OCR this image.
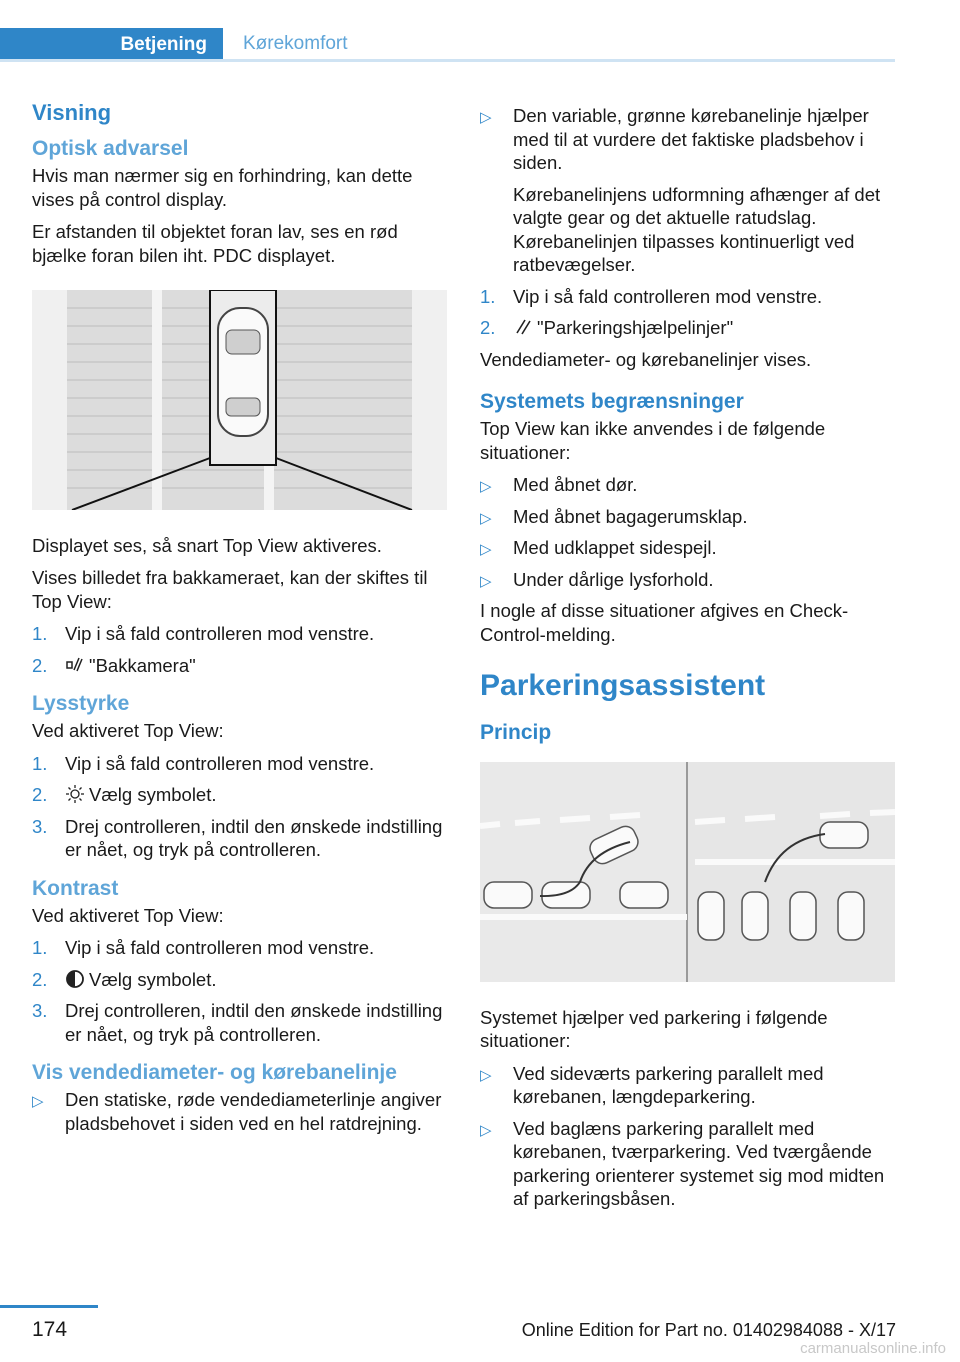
Betjening	Kørekomfort
Visning
Optisk advarsel

Hvis man nærmer sig en forhindring, kan dette vises på control display.

Er afstanden til objektet foran lav, ses en rød bjælke foran bilen iht. PDC displayet.

Displayet ses, så snart Top View aktiveres.

Vises billedet fra bakkameraet, kan der skiftes til Top View:

1. Vip i så fald controlleren mod venstre.
2. "Bakkamera"
Lysstyrke

Ved aktiveret Top View:

1. Vip i så fald controlleren mod venstre.
2. Vælg symbolet.
3. Drej controlleren, indtil den ønskede indstilling er nået, og tryk på controlleren.
Kontrast

Ved aktiveret Top View:

1. Vip i så fald controlleren mod venstre.
2. Vælg symbolet.
3. Drej controlleren, indtil den ønskede indstilling er nået, og tryk på controlleren.
Vis vendediameter- og kørebanelinje
▷ Den statiske, røde vendediameterlinje angiver pladsbehovet i siden ved en hel ratdrejning.
▷ Den variable, grønne kørebanelinje hjælper med til at vurdere det faktiske pladsbehov i siden.

Kørebanelinjens udformning afhænger af det valgte gear og det aktuelle ratudslag. Kørebanelinjen tilpasses kontinuerligt ved ratbevægelser.

1. Vip i så fald controlleren mod venstre.
2. "Parkeringshjælpelinjer"

Vendediameter- og kørebanelinjer vises.

Systemets begrænsninger

Top View kan ikke anvendes i de følgende situationer:

▷ Med åbnet dør.
▷ Med åbnet bagagerumsklap.
▷ Med udklappet sidespejl.
▷ Under dårlige lysforhold.

I nogle af disse situationer afgives en Check-Control-melding.

Parkeringsassistent
Princip

Systemet hjælper ved parkering i følgende situationer:

▷ Ved sideværts parkering parallelt med kørebanen, længdeparkering.
▷ Ved baglæns parkering parallelt med kørebanen, tværparkering. Ved tværgående parkering orienterer systemet sig mod midten af parkeringsbåsen.
174	Online Edition for Part no. 01402984088 - X/17
carmanualsonline.info
